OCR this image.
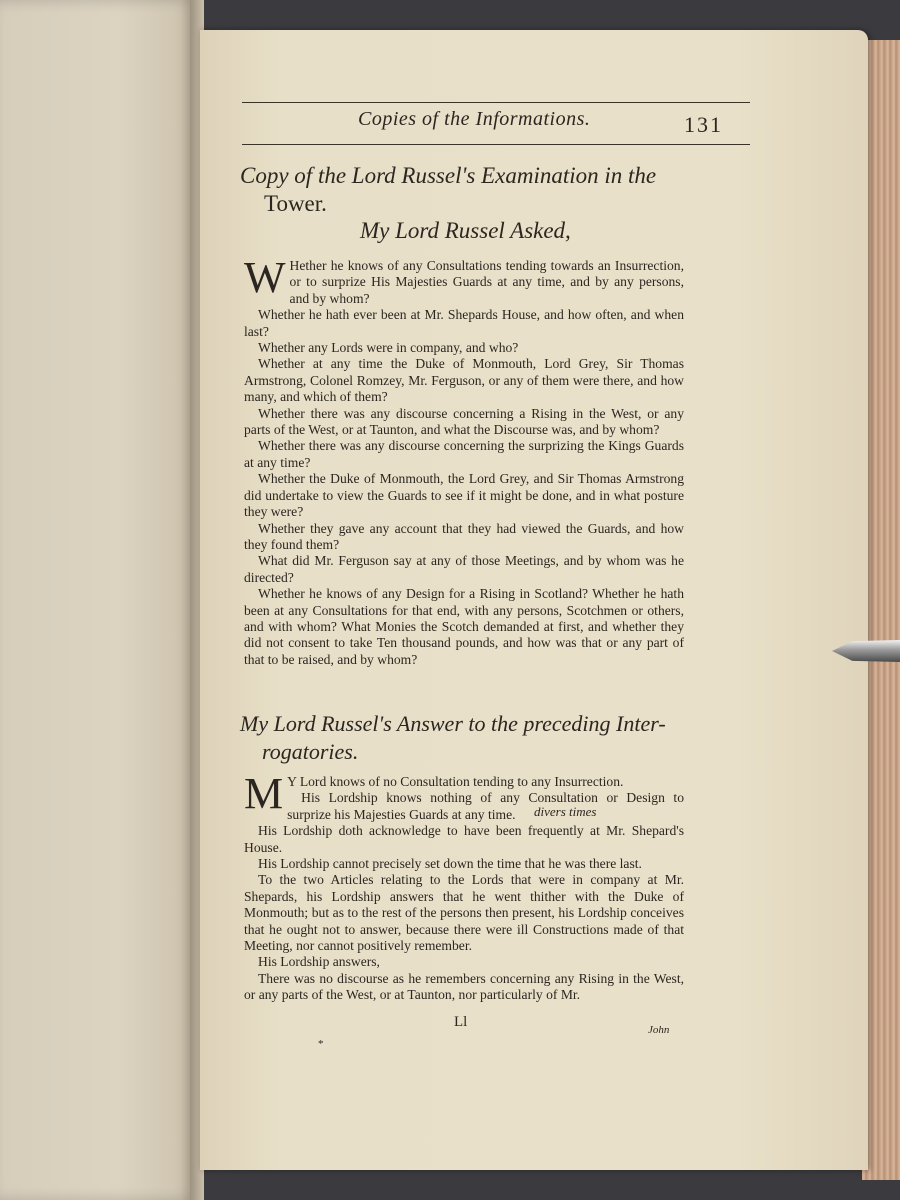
Copies of the Informations.	131
Copy of the Lord Russel's Examination in the
Tower.
My Lord Russel Asked,

W Hether he knows of any Consultations tending towards an Insurrection, or to surprize His Majesties Guards at any time, and by any persons, and by whom?

Whether he hath ever been at Mr. Shepards House, and how often, and when last?

Whether any Lords were in company, and who?

Whether at any time the Duke of Monmouth, Lord Grey, Sir Thomas Armstrong, Colonel Romzey, Mr. Ferguson, or any of them were there, and how many, and which of them?

Whether there was any discourse concerning a Rising in the West, or any parts of the West, or at Taunton, and what the Discourse was, and by whom?

Whether there was any discourse concerning the surprizing the Kings Guards at any time?

Whether the Duke of Monmouth, the Lord Grey, and Sir Thomas Armstrong did undertake to view the Guards to see if it might be done, and in what posture they were?

Whether they gave any account that they had viewed the Guards, and how they found them?

What did Mr. Ferguson say at any of those Meetings, and by whom was he directed?

Whether he knows of any Design for a Rising in Scotland? Whether he hath been at any Consultations for that end, with any persons, Scotchmen or others, and with whom? What Monies the Scotch demanded at first, and whether they did not consent to take Ten thousand pounds, and how was that or any part of that to be raised, and by whom?

My Lord Russel's Answer to the preceding Inter-
rogatories.

M Y Lord knows of no Consultation tending to any Insurrection.

His Lordship knows nothing of any Consultation or Design to surprize his Majesties Guards at any time.

His Lordship doth acknowledge to have been frequently at Mr. Shepard's House.

His Lordship cannot precisely set down the time that he was there last.

To the two Articles relating to the Lords that were in company at Mr. Shepards, his Lordship answers that he went thither with the Duke of Monmouth; but as to the rest of the persons then present, his Lordship conceives that he ought not to answer, because there were ill Constructions made of that Meeting, nor cannot positively remember.

His Lordship answers,

There was no discourse as he remembers concerning any Rising in the West, or any parts of the West, or at Taunton, nor particularly of Mr.

divers times
Ll	John
*
